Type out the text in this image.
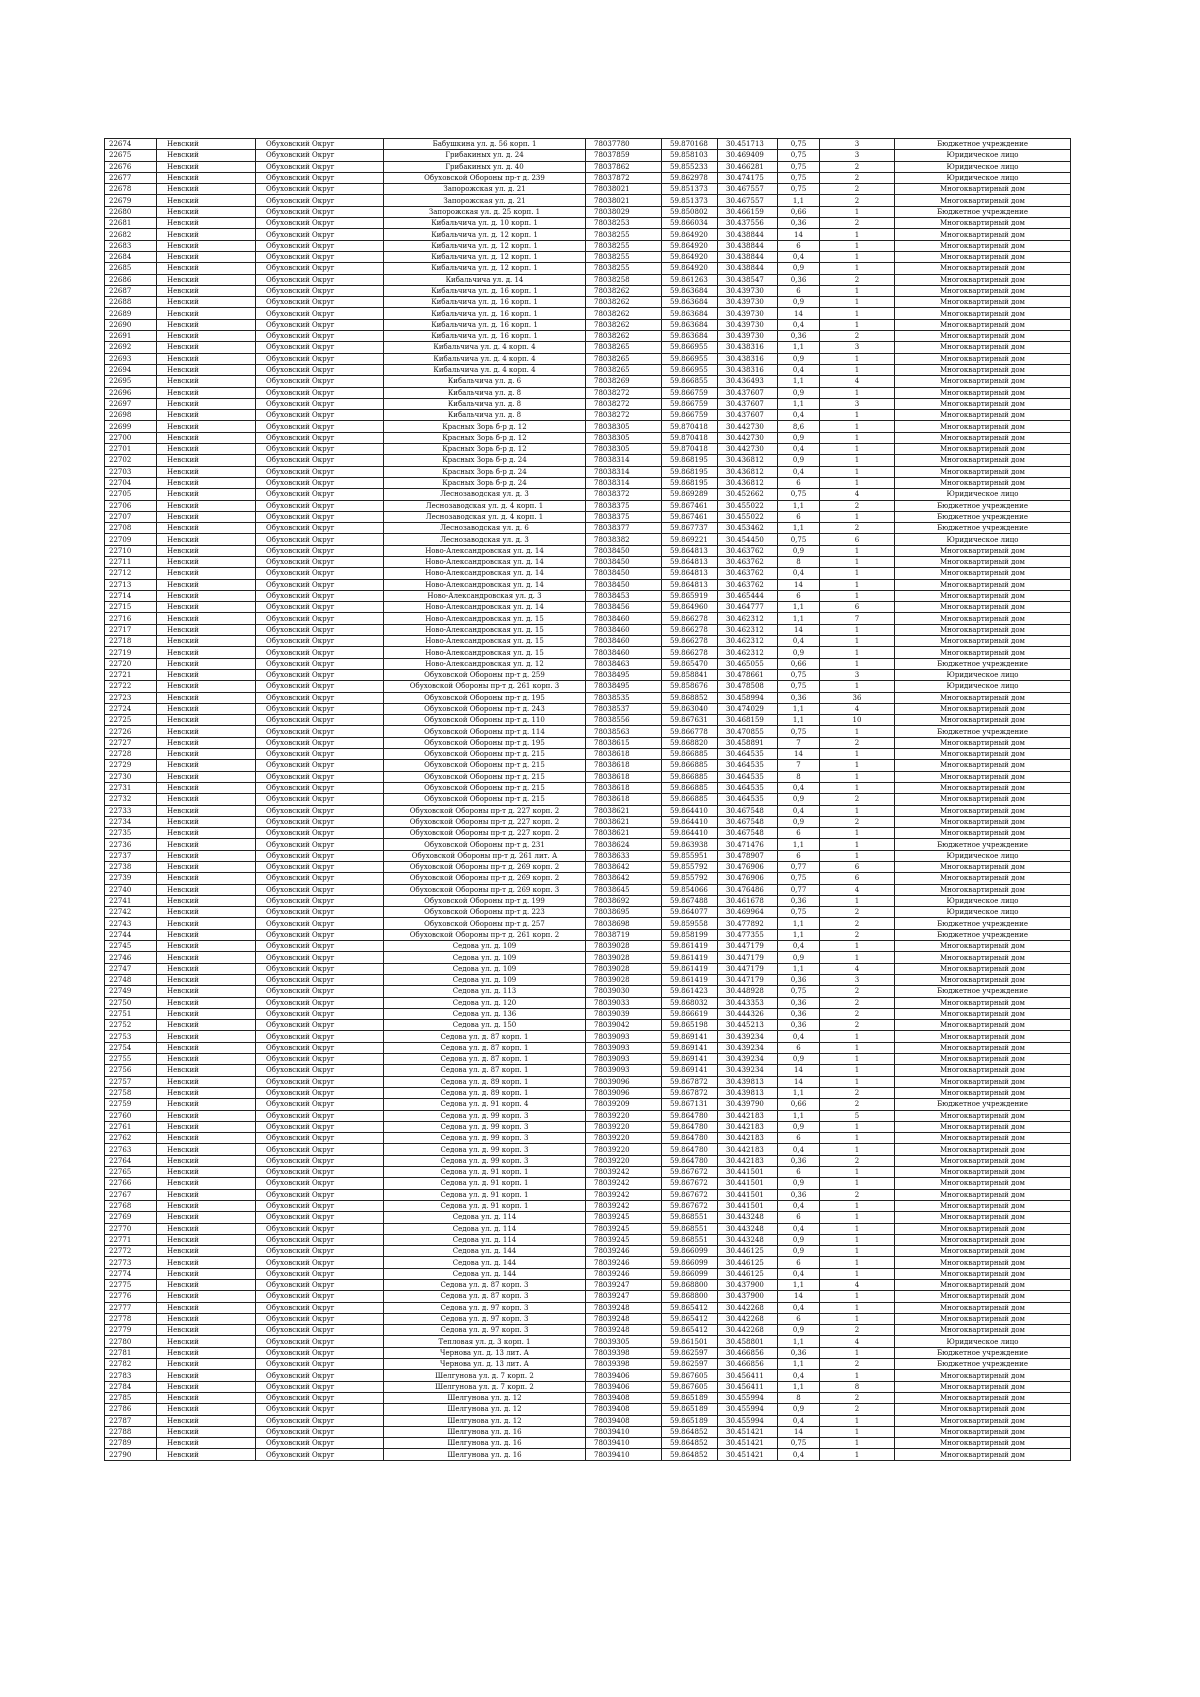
22674	Невский	Обуховский Округ	Бабушкина ул. д. 56 корп. 1	78037780	59.870168	30.451713	0,75	3	Бюджетное учреждение
22675	Невский	Обуховский Округ	Грибакиных ул. д. 24	78037859	59.858103	30.469409	0,75	3	Юридическое лицо
22676	Невский	Обуховский Округ	Грибакиных ул. д. 40	78037862	59.855233	30.466281	0,75	2	Юридическое лицо
22677	Невский	Обуховский Округ	Обуховской Обороны пр-т д. 239	78037872	59.862978	30.474175	0,75	2	Юридическое лицо
22678	Невский	Обуховский Округ	Запорожская ул. д. 21	78038021	59.851373	30.467557	0,75	2	Многоквартирный дом
22679	Невский	Обуховский Округ	Запорожская ул. д. 21	78038021	59.851373	30.467557	1,1	2	Многоквартирный дом
22680	Невский	Обуховский Округ	Запорожская ул. д. 25 корп. 1	78038029	59.850802	30.466159	0,66	1	Бюджетное учреждение
22681	Невский	Обуховский Округ	Кибальчича ул. д. 10 корп. 1	78038253	59.866034	30.437556	0,36	2	Многоквартирный дом
22682	Невский	Обуховский Округ	Кибальчича ул. д. 12 корп. 1	78038255	59.864920	30.438844	14	1	Многоквартирный дом
22683	Невский	Обуховский Округ	Кибальчича ул. д. 12 корп. 1	78038255	59.864920	30.438844	6	1	Многоквартирный дом
22684	Невский	Обуховский Округ	Кибальчича ул. д. 12 корп. 1	78038255	59.864920	30.438844	0,4	1	Многоквартирный дом
22685	Невский	Обуховский Округ	Кибальчича ул. д. 12 корп. 1	78038255	59.864920	30.438844	0,9	1	Многоквартирный дом
22686	Невский	Обуховский Округ	Кибальчича ул. д. 14	78038258	59.861263	30.438547	0,36	2	Многоквартирный дом
22687	Невский	Обуховский Округ	Кибальчича ул. д. 16 корп. 1	78038262	59.863684	30.439730	6	1	Многоквартирный дом
22688	Невский	Обуховский Округ	Кибальчича ул. д. 16 корп. 1	78038262	59.863684	30.439730	0,9	1	Многоквартирный дом
22689	Невский	Обуховский Округ	Кибальчича ул. д. 16 корп. 1	78038262	59.863684	30.439730	14	1	Многоквартирный дом
22690	Невский	Обуховский Округ	Кибальчича ул. д. 16 корп. 1	78038262	59.863684	30.439730	0,4	1	Многоквартирный дом
22691	Невский	Обуховский Округ	Кибальчича ул. д. 16 корп. 1	78038262	59.863684	30.439730	0,36	2	Многоквартирный дом
22692	Невский	Обуховский Округ	Кибальчича ул. д. 4 корп. 4	78038265	59.866955	30.438316	1,1	3	Многоквартирный дом
22693	Невский	Обуховский Округ	Кибальчича ул. д. 4 корп. 4	78038265	59.866955	30.438316	0,9	1	Многоквартирный дом
22694	Невский	Обуховский Округ	Кибальчича ул. д. 4 корп. 4	78038265	59.866955	30.438316	0,4	1	Многоквартирный дом
22695	Невский	Обуховский Округ	Кибальчича ул. д. 6	78038269	59.866855	30.436493	1,1	4	Многоквартирный дом
22696	Невский	Обуховский Округ	Кибальчича ул. д. 8	78038272	59.866759	30.437607	0,9	1	Многоквартирный дом
22697	Невский	Обуховский Округ	Кибальчича ул. д. 8	78038272	59.866759	30.437607	1,1	3	Многоквартирный дом
22698	Невский	Обуховский Округ	Кибальчича ул. д. 8	78038272	59.866759	30.437607	0,4	1	Многоквартирный дом
22699	Невский	Обуховский Округ	Красных Зорь б-р д. 12	78038305	59.870418	30.442730	8,6	1	Многоквартирный дом
22700	Невский	Обуховский Округ	Красных Зорь б-р д. 12	78038305	59.870418	30.442730	0,9	1	Многоквартирный дом
22701	Невский	Обуховский Округ	Красных Зорь б-р д. 12	78038305	59.870418	30.442730	0,4	1	Многоквартирный дом
22702	Невский	Обуховский Округ	Красных Зорь б-р д. 24	78038314	59.868195	30.436812	0,9	1	Многоквартирный дом
22703	Невский	Обуховский Округ	Красных Зорь б-р д. 24	78038314	59.868195	30.436812	0,4	1	Многоквартирный дом
22704	Невский	Обуховский Округ	Красных Зорь б-р д. 24	78038314	59.868195	30.436812	6	1	Многоквартирный дом
22705	Невский	Обуховский Округ	Леснозаводская ул. д. 3	78038372	59.869289	30.452662	0,75	4	Юридическое лицо
22706	Невский	Обуховский Округ	Леснозаводская ул. д. 4 корп. 1	78038375	59.867461	30.455022	1,1	2	Бюджетное учреждение
22707	Невский	Обуховский Округ	Леснозаводская ул. д. 4 корп. 1	78038375	59.867461	30.455022	6	1	Бюджетное учреждение
22708	Невский	Обуховский Округ	Леснозаводская ул. д. 6	78038377	59.867737	30.453462	1,1	2	Бюджетное учреждение
22709	Невский	Обуховский Округ	Леснозаводская ул. д. 3	78038382	59.869221	30.454450	0,75	6	Юридическое лицо
22710	Невский	Обуховский Округ	Ново-Александровская ул. д. 14	78038450	59.864813	30.463762	0,9	1	Многоквартирный дом
22711	Невский	Обуховский Округ	Ново-Александровская ул. д. 14	78038450	59.864813	30.463762	8	1	Многоквартирный дом
22712	Невский	Обуховский Округ	Ново-Александровская ул. д. 14	78038450	59.864813	30.463762	0,4	1	Многоквартирный дом
22713	Невский	Обуховский Округ	Ново-Александровская ул. д. 14	78038450	59.864813	30.463762	14	1	Многоквартирный дом
22714	Невский	Обуховский Округ	Ново-Александровская ул. д. 3	78038453	59.865919	30.465444	6	1	Многоквартирный дом
22715	Невский	Обуховский Округ	Ново-Александровская ул. д. 14	78038456	59.864960	30.464777	1,1	6	Многоквартирный дом
22716	Невский	Обуховский Округ	Ново-Александровская ул. д. 15	78038460	59.866278	30.462312	1,1	7	Многоквартирный дом
22717	Невский	Обуховский Округ	Ново-Александровская ул. д. 15	78038460	59.866278	30.462312	14	1	Многоквартирный дом
22718	Невский	Обуховский Округ	Ново-Александровская ул. д. 15	78038460	59.866278	30.462312	0,4	1	Многоквартирный дом
22719	Невский	Обуховский Округ	Ново-Александровская ул. д. 15	78038460	59.866278	30.462312	0,9	1	Многоквартирный дом
22720	Невский	Обуховский Округ	Ново-Александровская ул. д. 12	78038463	59.865470	30.465055	0,66	1	Бюджетное учреждение
22721	Невский	Обуховский Округ	Обуховской Обороны пр-т д. 259	78038495	59.858841	30.478661	0,75	3	Юридическое лицо
22722	Невский	Обуховский Округ	Обуховской Обороны пр-т д. 261 корп. 3	78038495	59.858676	30.478508	0,75	1	Юридическое лицо
22723	Невский	Обуховский Округ	Обуховской Обороны пр-т д. 195	78038535	59.868852	30.458994	0,36	36	Многоквартирный дом
22724	Невский	Обуховский Округ	Обуховской Обороны пр-т д. 243	78038537	59.863040	30.474029	1,1	4	Многоквартирный дом
22725	Невский	Обуховский Округ	Обуховской Обороны пр-т д. 110	78038556	59.867631	30.468159	1,1	10	Многоквартирный дом
22726	Невский	Обуховский Округ	Обуховской Обороны пр-т д. 114	78038563	59.866778	30.470855	0,75	1	Бюджетное учреждение
22727	Невский	Обуховский Округ	Обуховской Обороны пр-т д. 195	78038615	59.868820	30.458891	7	2	Многоквартирный дом
22728	Невский	Обуховский Округ	Обуховской Обороны пр-т д. 215	78038618	59.866885	30.464535	14	1	Многоквартирный дом
22729	Невский	Обуховский Округ	Обуховской Обороны пр-т д. 215	78038618	59.866885	30.464535	7	1	Многоквартирный дом
22730	Невский	Обуховский Округ	Обуховской Обороны пр-т д. 215	78038618	59.866885	30.464535	8	1	Многоквартирный дом
22731	Невский	Обуховский Округ	Обуховской Обороны пр-т д. 215	78038618	59.866885	30.464535	0,4	1	Многоквартирный дом
22732	Невский	Обуховский Округ	Обуховской Обороны пр-т д. 215	78038618	59.866885	30.464535	0,9	2	Многоквартирный дом
22733	Невский	Обуховский Округ	Обуховской Обороны пр-т д. 227 корп. 2	78038621	59.864410	30.467548	0,4	1	Многоквартирный дом
22734	Невский	Обуховский Округ	Обуховской Обороны пр-т д. 227 корп. 2	78038621	59.864410	30.467548	0,9	2	Многоквартирный дом
22735	Невский	Обуховский Округ	Обуховской Обороны пр-т д. 227 корп. 2	78038621	59.864410	30.467548	6	1	Многоквартирный дом
22736	Невский	Обуховский Округ	Обуховской Обороны пр-т д. 231	78038624	59.863938	30.471476	1,1	1	Бюджетное учреждение
22737	Невский	Обуховский Округ	Обуховской Обороны пр-т д. 261 лит. А	78038633	59.855951	30.478907	6	1	Юридическое лицо
22738	Невский	Обуховский Округ	Обуховской Обороны пр-т д. 269 корп. 2	78038642	59.855792	30.476906	0,77	6	Многоквартирный дом
22739	Невский	Обуховский Округ	Обуховской Обороны пр-т д. 269 корп. 2	78038642	59.855792	30.476906	0,75	6	Многоквартирный дом
22740	Невский	Обуховский Округ	Обуховской Обороны пр-т д. 269 корп. 3	78038645	59.854066	30.476486	0,77	4	Многоквартирный дом
22741	Невский	Обуховский Округ	Обуховской Обороны пр-т д. 199	78038692	59.867488	30.461678	0,36	1	Юридическое лицо
22742	Невский	Обуховский Округ	Обуховской Обороны пр-т д. 223	78038695	59.864077	30.469964	0,75	2	Юридическое лицо
22743	Невский	Обуховский Округ	Обуховской Обороны пр-т д. 257	78038698	59.859558	30.477892	1,1	2	Бюджетное учреждение
22744	Невский	Обуховский Округ	Обуховской Обороны пр-т д. 261 корп. 2	78038719	59.858199	30.477355	1,1	2	Бюджетное учреждение
22745	Невский	Обуховский Округ	Седова ул. д. 109	78039028	59.861419	30.447179	0,4	1	Многоквартирный дом
22746	Невский	Обуховский Округ	Седова ул. д. 109	78039028	59.861419	30.447179	0,9	1	Многоквартирный дом
22747	Невский	Обуховский Округ	Седова ул. д. 109	78039028	59.861419	30.447179	1,1	4	Многоквартирный дом
22748	Невский	Обуховский Округ	Седова ул. д. 109	78039028	59.861419	30.447179	0,36	3	Многоквартирный дом
22749	Невский	Обуховский Округ	Седова ул. д. 113	78039030	59.861423	30.448928	0,75	2	Бюджетное учреждение
22750	Невский	Обуховский Округ	Седова ул. д. 120	78039033	59.868032	30.443353	0,36	2	Многоквартирный дом
22751	Невский	Обуховский Округ	Седова ул. д. 136	78039039	59.866619	30.444326	0,36	2	Многоквартирный дом
22752	Невский	Обуховский Округ	Седова ул. д. 150	78039042	59.865198	30.445213	0,36	2	Многоквартирный дом
22753	Невский	Обуховский Округ	Седова ул. д. 87 корп. 1	78039093	59.869141	30.439234	0,4	1	Многоквартирный дом
22754	Невский	Обуховский Округ	Седова ул. д. 87 корп. 1	78039093	59.869141	30.439234	6	1	Многоквартирный дом
22755	Невский	Обуховский Округ	Седова ул. д. 87 корп. 1	78039093	59.869141	30.439234	0,9	1	Многоквартирный дом
22756	Невский	Обуховский Округ	Седова ул. д. 87 корп. 1	78039093	59.869141	30.439234	14	1	Многоквартирный дом
22757	Невский	Обуховский Округ	Седова ул. д. 89 корп. 1	78039096	59.867872	30.439813	14	1	Многоквартирный дом
22758	Невский	Обуховский Округ	Седова ул. д. 89 корп. 1	78039096	59.867872	30.439813	1,1	2	Многоквартирный дом
22759	Невский	Обуховский Округ	Седова ул. д. 91 корп. 4	78039209	59.867131	30.439790	0,66	2	Бюджетное учреждение
22760	Невский	Обуховский Округ	Седова ул. д. 99 корп. 3	78039220	59.864780	30.442183	1,1	5	Многоквартирный дом
22761	Невский	Обуховский Округ	Седова ул. д. 99 корп. 3	78039220	59.864780	30.442183	0,9	1	Многоквартирный дом
22762	Невский	Обуховский Округ	Седова ул. д. 99 корп. 3	78039220	59.864780	30.442183	6	1	Многоквартирный дом
22763	Невский	Обуховский Округ	Седова ул. д. 99 корп. 3	78039220	59.864780	30.442183	0,4	1	Многоквартирный дом
22764	Невский	Обуховский Округ	Седова ул. д. 99 корп. 3	78039220	59.864780	30.442183	0,36	2	Многоквартирный дом
22765	Невский	Обуховский Округ	Седова ул. д. 91 корп. 1	78039242	59.867672	30.441501	6	1	Многоквартирный дом
22766	Невский	Обуховский Округ	Седова ул. д. 91 корп. 1	78039242	59.867672	30.441501	0,9	1	Многоквартирный дом
22767	Невский	Обуховский Округ	Седова ул. д. 91 корп. 1	78039242	59.867672	30.441501	0,36	2	Многоквартирный дом
22768	Невский	Обуховский Округ	Седова ул. д. 91 корп. 1	78039242	59.867672	30.441501	0,4	1	Многоквартирный дом
22769	Невский	Обуховский Округ	Седова ул. д. 114	78039245	59.868551	30.443248	6	1	Многоквартирный дом
22770	Невский	Обуховский Округ	Седова ул. д. 114	78039245	59.868551	30.443248	0,4	1	Многоквартирный дом
22771	Невский	Обуховский Округ	Седова ул. д. 114	78039245	59.868551	30.443248	0,9	1	Многоквартирный дом
22772	Невский	Обуховский Округ	Седова ул. д. 144	78039246	59.866099	30.446125	0,9	1	Многоквартирный дом
22773	Невский	Обуховский Округ	Седова ул. д. 144	78039246	59.866099	30.446125	6	1	Многоквартирный дом
22774	Невский	Обуховский Округ	Седова ул. д. 144	78039246	59.866099	30.446125	0,4	1	Многоквартирный дом
22775	Невский	Обуховский Округ	Седова ул. д. 87 корп. 3	78039247	59.868800	30.437900	1,1	4	Многоквартирный дом
22776	Невский	Обуховский Округ	Седова ул. д. 87 корп. 3	78039247	59.868800	30.437900	14	1	Многоквартирный дом
22777	Невский	Обуховский Округ	Седова ул. д. 97 корп. 3	78039248	59.865412	30.442268	0,4	1	Многоквартирный дом
22778	Невский	Обуховский Округ	Седова ул. д. 97 корп. 3	78039248	59.865412	30.442268	6	1	Многоквартирный дом
22779	Невский	Обуховский Округ	Седова ул. д. 97 корп. 3	78039248	59.865412	30.442268	0,9	2	Многоквартирный дом
22780	Невский	Обуховский Округ	Тепловая ул. д. 3 корп. 1	78039305	59.861501	30.458801	1,1	4	Юридическое лицо
22781	Невский	Обуховский Округ	Чернова ул. д. 13 лит. А	78039398	59.862597	30.466856	0,36	1	Бюджетное учреждение
22782	Невский	Обуховский Округ	Чернова ул. д. 13 лит. А	78039398	59.862597	30.466856	1,1	2	Бюджетное учреждение
22783	Невский	Обуховский Округ	Шелгунова ул. д. 7 корп. 2	78039406	59.867605	30.456411	0,4	1	Многоквартирный дом
22784	Невский	Обуховский Округ	Шелгунова ул. д. 7 корп. 2	78039406	59.867605	30.456411	1,1	8	Многоквартирный дом
22785	Невский	Обуховский Округ	Шелгунова ул. д. 12	78039408	59.865189	30.455994	8	2	Многоквартирный дом
22786	Невский	Обуховский Округ	Шелгунова ул. д. 12	78039408	59.865189	30.455994	0,9	2	Многоквартирный дом
22787	Невский	Обуховский Округ	Шелгунова ул. д. 12	78039408	59.865189	30.455994	0,4	1	Многоквартирный дом
22788	Невский	Обуховский Округ	Шелгунова ул. д. 16	78039410	59.864852	30.451421	14	1	Многоквартирный дом
22789	Невский	Обуховский Округ	Шелгунова ул. д. 16	78039410	59.864852	30.451421	0,75	1	Многоквартирный дом
22790	Невский	Обуховский Округ	Шелгунова ул. д. 16	78039410	59.864852	30.451421	0,4	1	Многоквартирный дом
